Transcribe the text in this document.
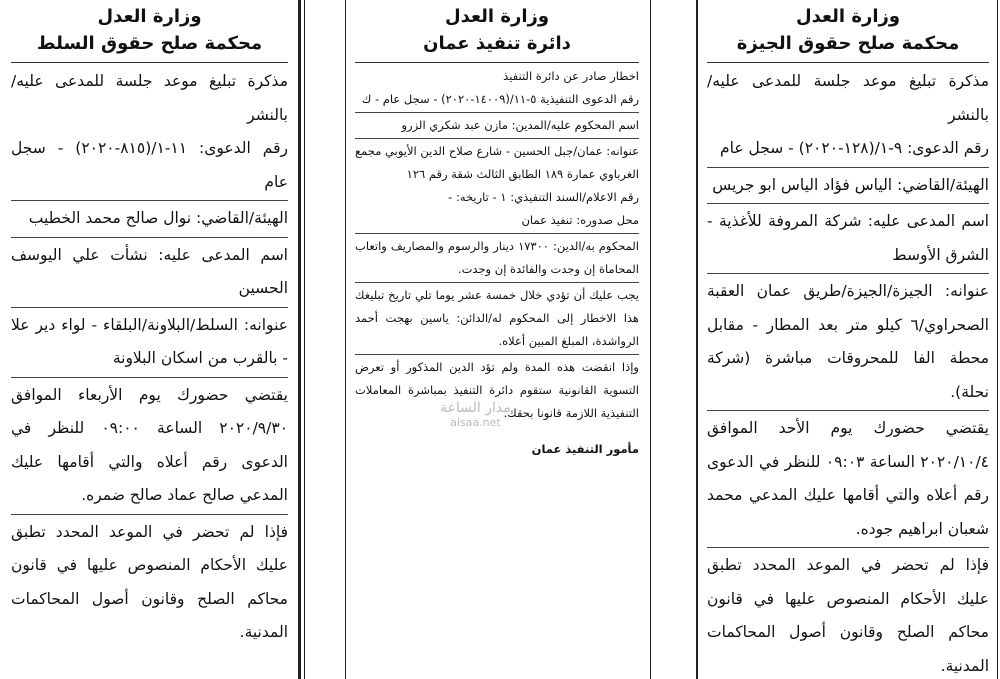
وزارة العدل
محكمة صلح حقوق الجيزة

مذكرة تبليغ موعد جلسة للمدعى عليه/بالنشر

رقم الدعوى: ٩-١/(١٢٨-٢٠٢٠) - سجل عام

الهيئة/القاضي: الياس فؤاد الياس ابو جريس

اسم المدعى عليه: شركة المروفة للأغذية - الشرق الأوسط

عنوانه: الجيزة/الجيزة/طريق عمان العقبة الصحراوي/٦ كيلو متر بعد المطار - مقابل محطة الفا للمحروقات مباشرة (شركة نحلة).

يقتضي حضورك يوم الأحد الموافق ٢٠٢٠/١٠/٤ الساعة ٠٩:٠٣ للنظر في الدعوى رقم أعلاه والتي أقامها عليك المدعي محمد شعبان ابراهيم جوده.

فإذا لم تحضر في الموعد المحدد تطبق عليك الأحكام المنصوص عليها في قانون محاكم الصلح وقانون أصول المحاكمات المدنية.

وزارة العدل
دائرة تنفيذ عمان

اخطار صادر عن دائرة التنفيذ

رقم الدعوى التنفيذية ٥-١١/(١٤٠٠٩-٢٠٢٠) - سجل عام - ك

اسم المحكوم عليه/المدين: مازن عبد شكري الزرو

عنوانه: عمان/جبل الحسين - شارع صلاح الدين الأيوبي مجمع الغرباوي عمارة ١٨٩ الطابق الثالث شقة رقم ١٢٦

رقم الاعلام/السند التنفيذي: ١ - تاريخه: -

محل صدوره: تنفيذ عمان

المحكوم به/الدين: ١٧٣٠٠ دينار والرسوم والمصاريف واتعاب المحاماة إن وجدت والفائدة إن وجدت.

يجب عليك أن تؤدي خلال خمسة عشر يوما تلي تاريخ تبليغك هذا الاخطار إلى المحكوم له/الدائن: ياسين بهجت أحمد الرواشدة، المبلغ المبين أعلاه.

وإذا انقضت هذه المدة ولم تؤد الدين المذكور أو تعرض التسوية القانونية ستقوم دائرة التنفيذ بمباشرة المعاملات التنفيذية اللازمة قانونا بحقك.

مأمور التنفيذ عمان
وزارة العدل
محكمة صلح حقوق السلط

مذكرة تبليغ موعد جلسة للمدعى عليه/بالنشر

رقم الدعوى: ١١-١/(٨١٥-٢٠٢٠) - سجل عام

الهيئة/القاضي: نوال صالح محمد الخطيب

اسم المدعى عليه: نشأت علي اليوسف الحسين

عنوانه: السلط/البلاونة/البلقاء - لواء دير علا - بالقرب من اسكان البلاونة

يقتضي حضورك يوم الأربعاء الموافق ٢٠٢٠/٩/٣٠ الساعة ٠٩:٠٠ للنظر في الدعوى رقم أعلاه والتي أقامها عليك المدعي صالح عماد صالح ضمره.

فإذا لم تحضر في الموعد المحدد تطبق عليك الأحكام المنصوص عليها في قانون محاكم الصلح وقانون أصول المحاكمات المدنية.

مدار الساعة
alsaa.net
